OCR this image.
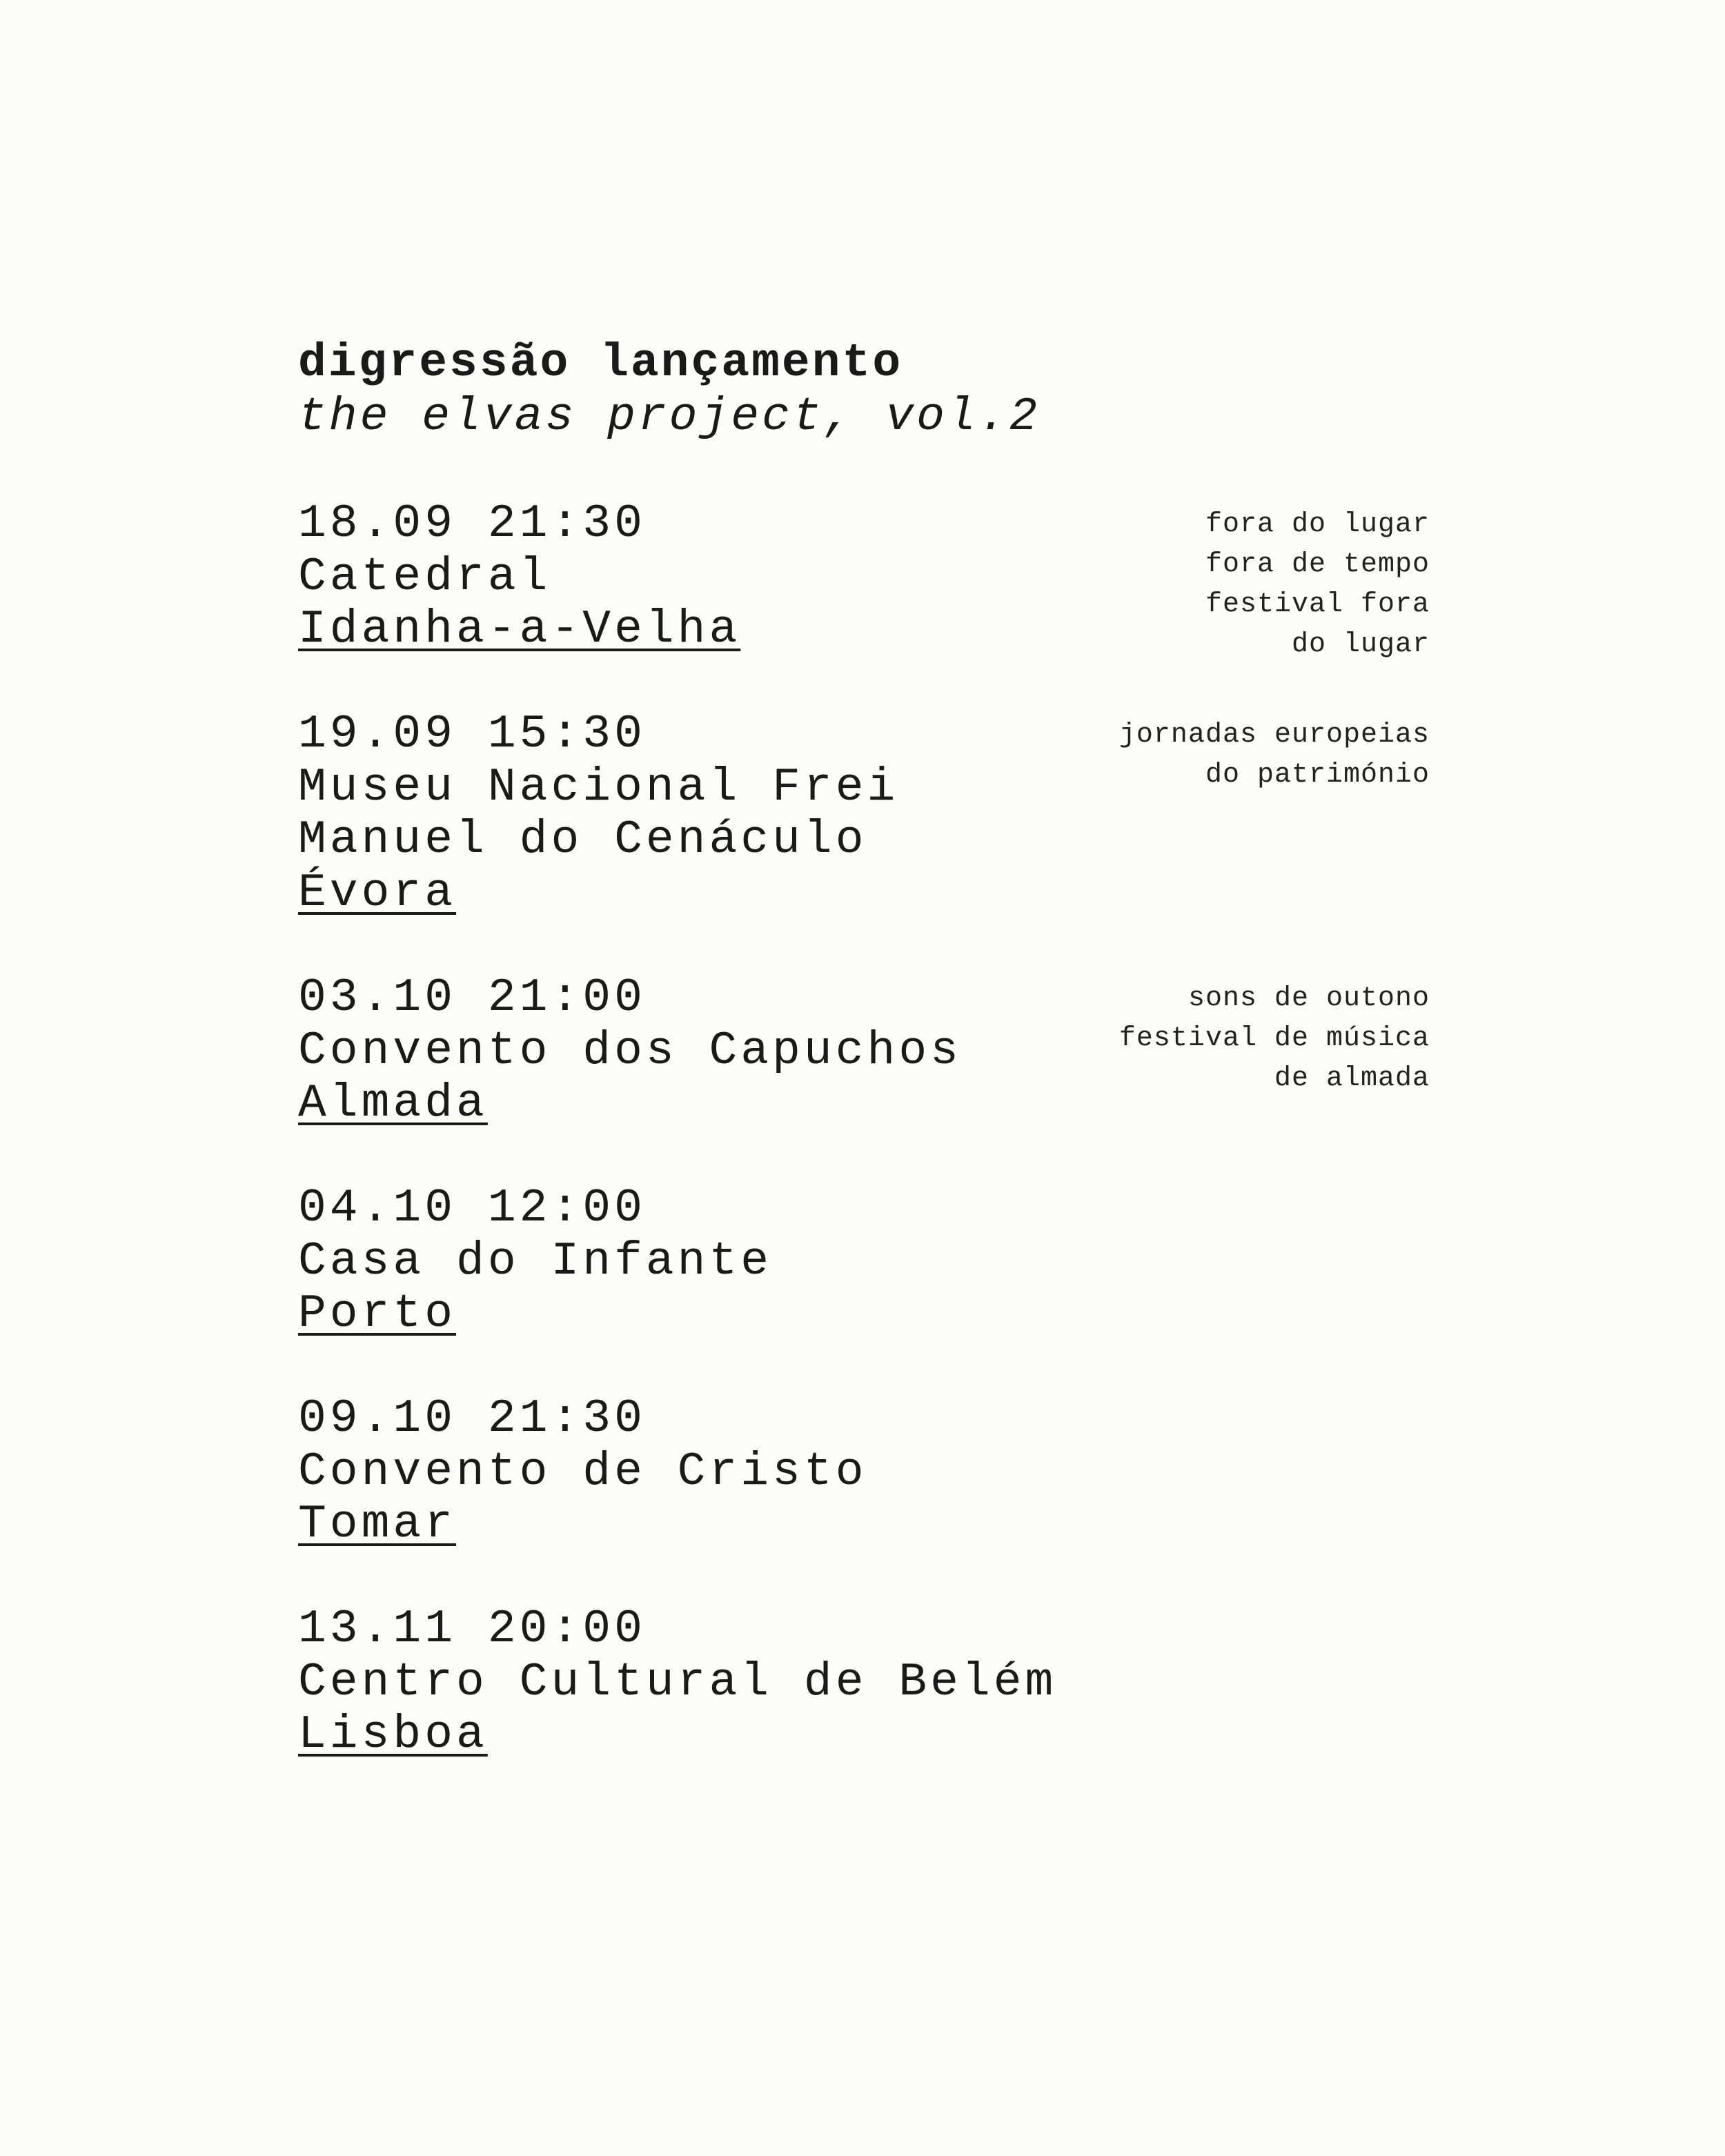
digressão lançamento
the elvas project, vol.2
18.09 21:30
Catedral
Idanha-a-Velha
fora do lugar
fora de tempo
festival fora
do lugar
19.09 15:30
Museu Nacional Frei
Manuel do Cenáculo
Évora
jornadas europeias
do património
03.10 21:00
Convento dos Capuchos
Almada
sons de outono
festival de música
de almada
04.10 12:00
Casa do Infante
Porto
09.10 21:30
Convento de Cristo
Tomar
13.11 20:00
Centro Cultural de Belém
Lisboa
